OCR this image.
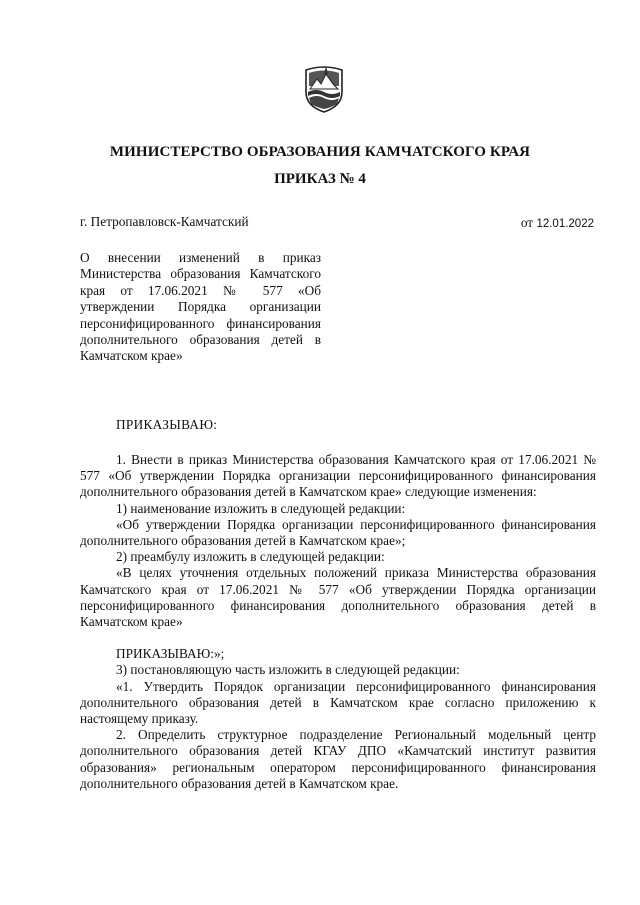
МИНИСТЕРСТВО ОБРАЗОВАНИЯ КАМЧАТСКОГО КРАЯ
ПРИКАЗ № 4
г. Петропавловск-Камчатский	от 12.01.2022
О внесении изменений в приказ Министерства образования Камчатского края от 17.06.2021 № 577 «Об утверждении Порядка организации персонифицированного финансирования дополнительного образования детей в Камчатском крае»
ПРИКАЗЫВАЮ:

1. Внести в приказ Министерства образования Камчатского края от 17.06.2021 № 577 «Об утверждении Порядка организации персонифицированного финансирования дополнительного образования детей в Камчатском крае» следующие изменения:

1) наименование изложить в следующей редакции:

«Об утверждении Порядка организации персонифицированного финансирования дополнительного образования детей в Камчатском крае»;

2) преамбулу изложить в следующей редакции:

«В целях уточнения отдельных положений приказа Министерства образования Камчатского края от 17.06.2021 № 577 «Об утверждении Порядка организации персонифицированного финансирования дополнительного образования детей в Камчатском крае»

ПРИКАЗЫВАЮ:»;

3) постановляющую часть изложить в следующей редакции:

«1. Утвердить Порядок организации персонифицированного финансирования дополнительного образования детей в Камчатском крае согласно приложению к настоящему приказу.

2. Определить структурное подразделение Региональный модельный центр дополнительного образования детей КГАУ ДПО «Камчатский институт развития образования» региональным оператором персонифицированного финансирования дополнительного образования детей в Камчатском крае.
